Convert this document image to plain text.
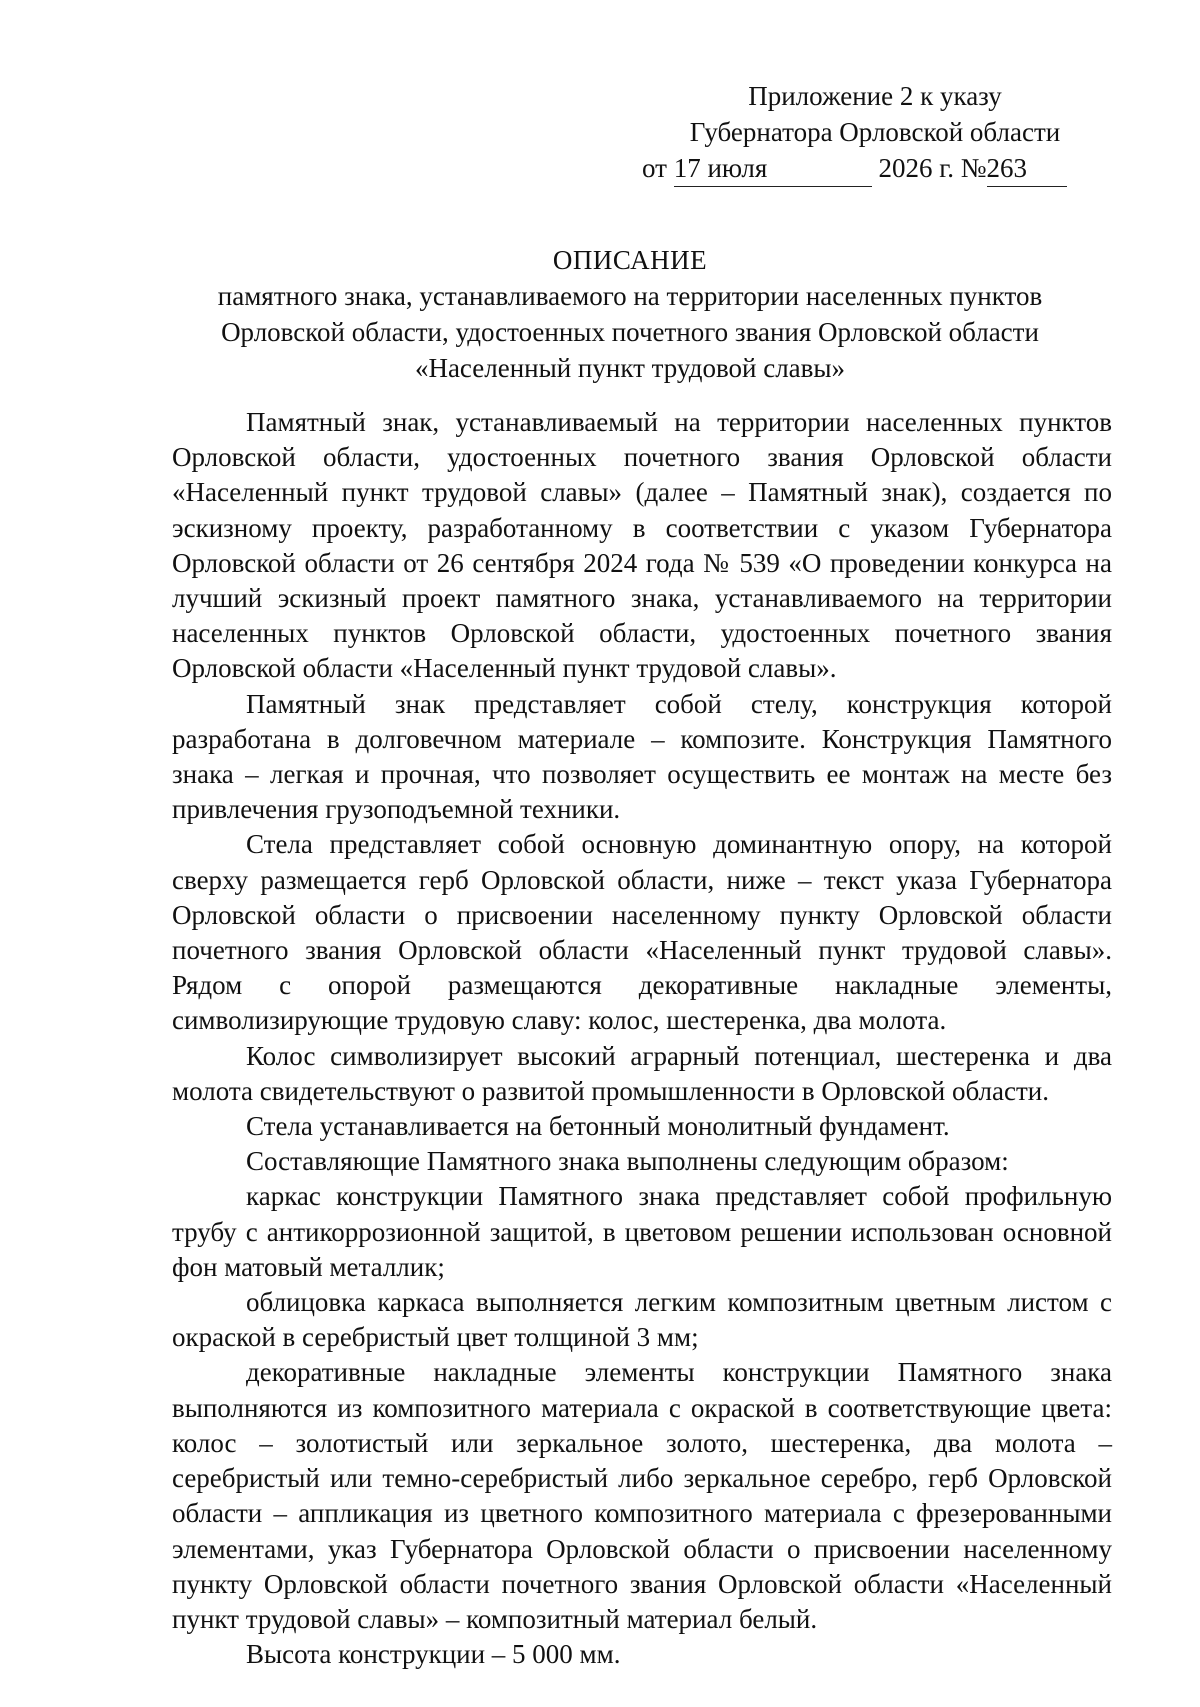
Приложение 2 к указу
Губернатора Орловской области
от 17 июля	2026 г. №263
ОПИСАНИЕ
памятного знака, устанавливаемого на территории населенных пунктов
Орловской области, удостоенных почетного звания Орловской области
«Населенный пункт трудовой славы»

Памятный знак, устанавливаемый на территории населенных пунктов Орловской области, удостоенных почетного звания Орловской области «Населенный пункт трудовой славы» (далее – Памятный знак), создается по эскизному проекту, разработанному в соответствии с указом Губернатора Орловской области от 26 сентября 2024 года № 539 «О проведении конкурса на лучший эскизный проект памятного знака, устанавливаемого на территории населенных пунктов Орловской области, удостоенных почетного звания Орловской области «Населенный пункт трудовой славы».

Памятный знак представляет собой стелу, конструкция которой разработана в долговечном материале – композите. Конструкция Памятного знака – легкая и прочная, что позволяет осуществить ее монтаж на месте без привлечения грузоподъемной техники.

Стела представляет собой основную доминантную опору, на которой сверху размещается герб Орловской области, ниже – текст указа Губернатора Орловской области о присвоении населенному пункту Орловской области почетного звания Орловской области «Населенный пункт трудовой славы». Рядом с опорой размещаются декоративные накладные элементы, символизирующие трудовую славу: колос, шестеренка, два молота.

Колос символизирует высокий аграрный потенциал, шестеренка и два молота свидетельствуют о развитой промышленности в Орловской области.

Стела устанавливается на бетонный монолитный фундамент.

Составляющие Памятного знака выполнены следующим образом:

каркас конструкции Памятного знака представляет собой профильную трубу с антикоррозионной защитой, в цветовом решении использован основной фон матовый металлик;

облицовка каркаса выполняется легким композитным цветным листом с окраской в серебристый цвет толщиной 3 мм;

декоративные накладные элементы конструкции Памятного знака выполняются из композитного материала с окраской в соответствующие цвета: колос – золотистый или зеркальное золото, шестеренка, два молота – серебристый или темно-серебристый либо зеркальное серебро, герб Орловской области – аппликация из цветного композитного материала с фрезерованными элементами, указ Губернатора Орловской области о присвоении населенному пункту Орловской области почетного звания Орловской области «Населенный пункт трудовой славы» – композитный материал белый.

Высота конструкции – 5 000 мм.
